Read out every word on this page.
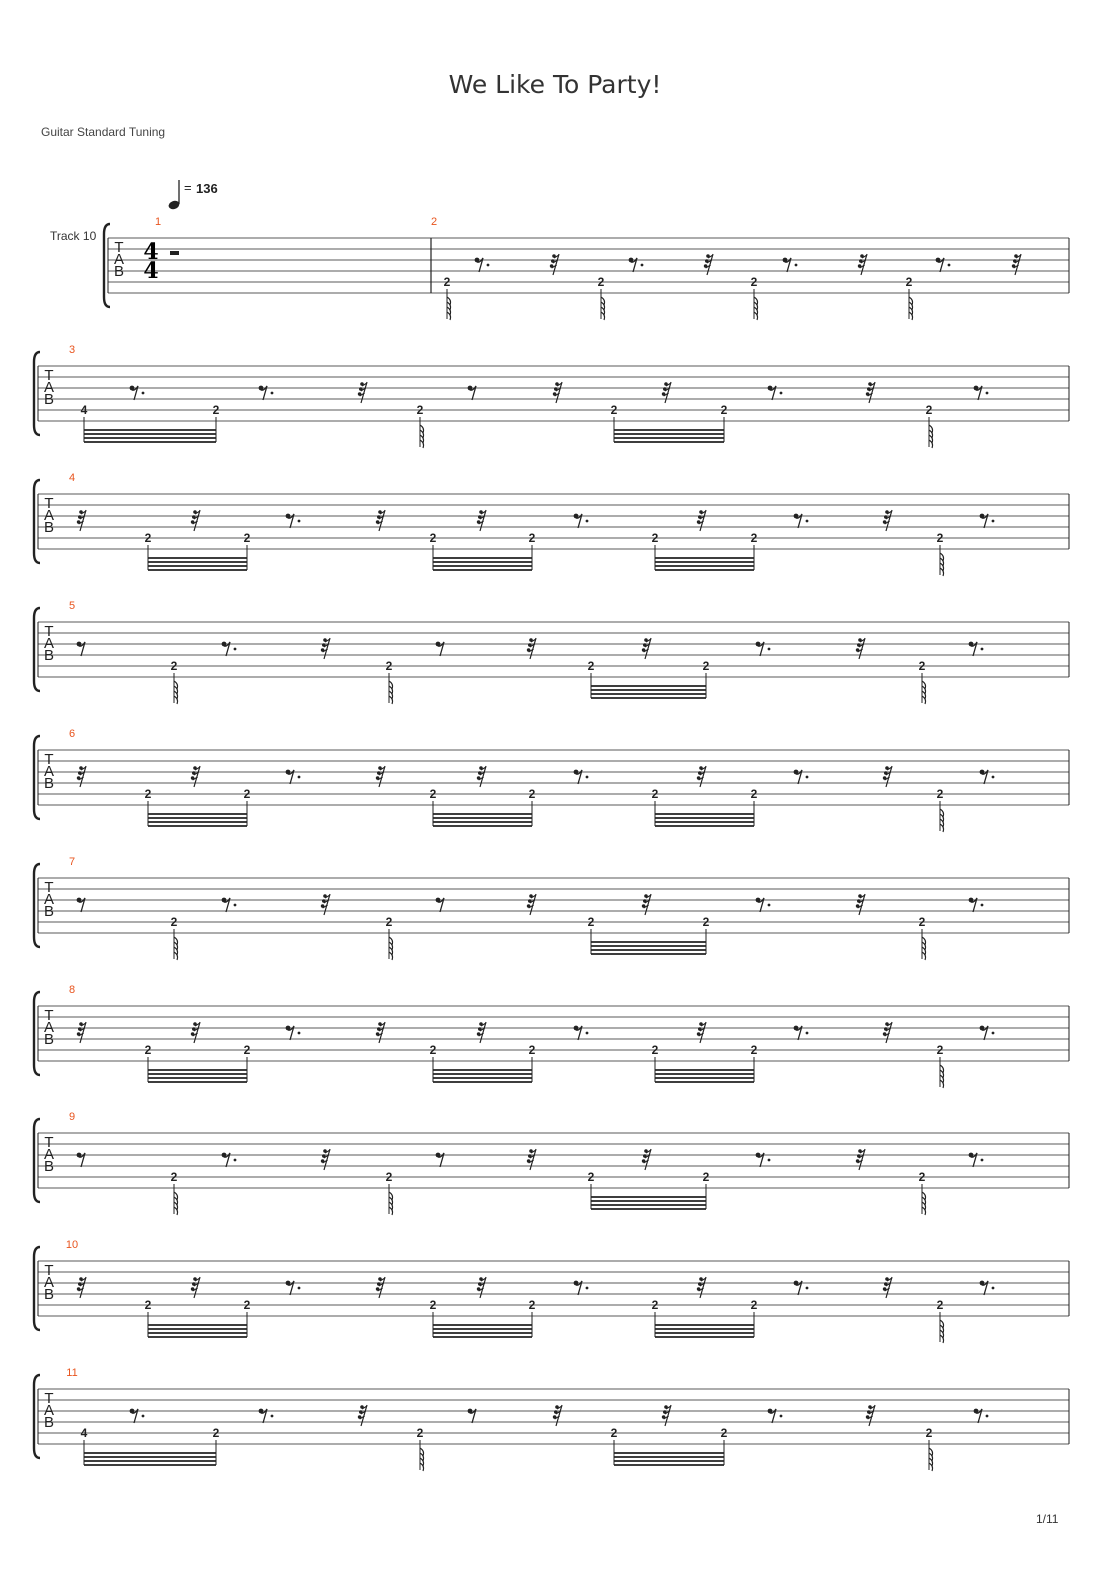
We Like To Party!
Guitar Standard Tuning
= 136
Track 10
T
A
B
4
4
1	2
2	2	2	2
T
A
B
3
4	2	2	2	2	2
T
A
B
4
2	2	2	2	2	2	2
T
A
B
5
2	2	2	2	2
T
A
B
6
2	2	2	2	2	2	2
T
A
B
7
2	2	2	2	2
T
A
B
8
2	2	2	2	2	2	2
T
A
B
9
2	2	2	2	2
T
A
B
10
2	2	2	2	2	2	2
T
A
B
11
4	2	2	2	2	2
1/11
